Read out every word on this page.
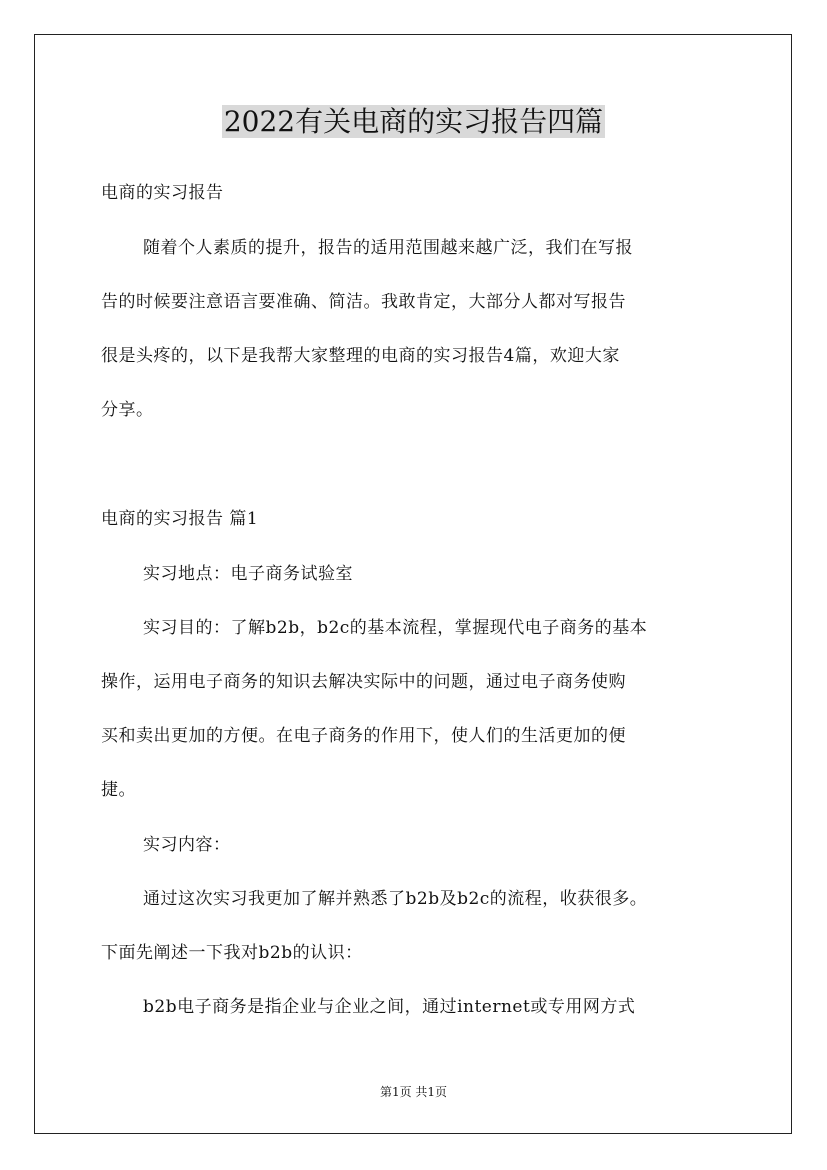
2022有关电商的实习报告四篇
电商的实习报告
随着个人素质的提升，报告的适用范围越来越广泛，我们在写报
告的时候要注意语言要准确、简洁。我敢肯定，大部分人都对写报告
很是头疼的，以下是我帮大家整理的电商的实习报告4篇，欢迎大家
分享。
电商的实习报告 篇1
实习地点：电子商务试验室
实习目的：了解b2b，b2c的基本流程，掌握现代电子商务的基本
操作，运用电子商务的知识去解决实际中的问题，通过电子商务使购
买和卖出更加的方便。在电子商务的作用下，使人们的生活更加的便
捷。
实习内容：
通过这次实习我更加了解并熟悉了b2b及b2c的流程，收获很多。
下面先阐述一下我对b2b的认识：
b2b电子商务是指企业与企业之间，通过internet或专用网方式
第1页 共1页
